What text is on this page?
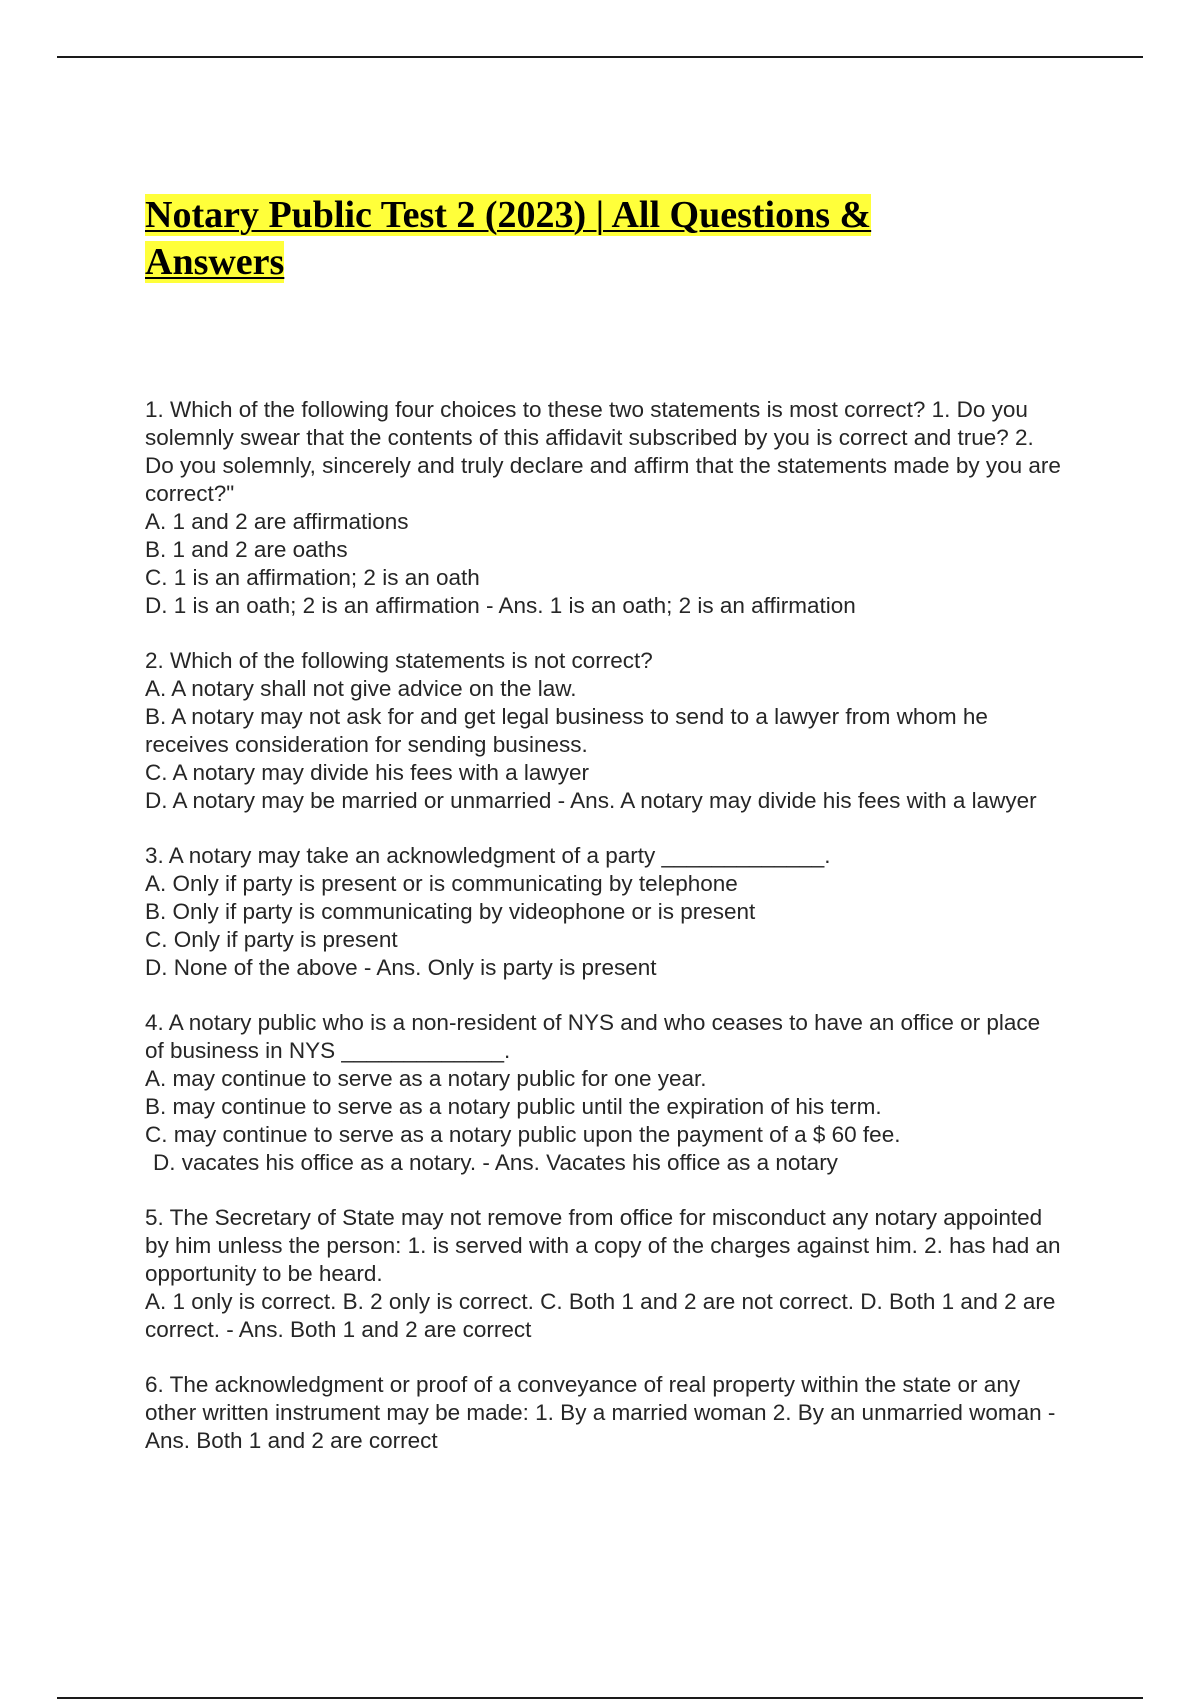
Notary Public Test 2 (2023) | All Questions &
Answers

1. Which of the following four choices to these two statements is most correct? 1. Do you solemnly swear that the contents of this affidavit subscribed by you is correct and true? 2. Do you solemnly, sincerely and truly declare and affirm that the statements made by you are correct?"

A. 1 and 2 are affirmations

B. 1 and 2 are oaths

C. 1 is an affirmation; 2 is an oath

D. 1 is an oath; 2 is an affirmation - Ans. 1 is an oath; 2 is an affirmation

2. Which of the following statements is not correct?

A. A notary shall not give advice on the law.

B. A notary may not ask for and get legal business to send to a lawyer from whom he receives consideration for sending business.

C. A notary may divide his fees with a lawyer

D. A notary may be married or unmarried - Ans. A notary may divide his fees with a lawyer

3. A notary may take an acknowledgment of a party _____________.

A. Only if party is present or is communicating by telephone

B. Only if party is communicating by videophone or is present

C. Only if party is present

D. None of the above - Ans. Only is party is present

4. A notary public who is a non-resident of NYS and who ceases to have an office or place of business in NYS _____________.

A. may continue to serve as a notary public for one year.

B. may continue to serve as a notary public until the expiration of his term.

C. may continue to serve as a notary public upon the payment of a $ 60 fee.

D. vacates his office as a notary. - Ans. Vacates his office as a notary

5. The Secretary of State may not remove from office for misconduct any notary appointed by him unless the person: 1. is served with a copy of the charges against him. 2. has had an opportunity to be heard.

A. 1 only is correct. B. 2 only is correct. C. Both 1 and 2 are not correct. D. Both 1 and 2 are correct. - Ans. Both 1 and 2 are correct

6. The acknowledgment or proof of a conveyance of real property within the state or any other written instrument may be made: 1. By a married woman 2. By an unmarried woman - Ans. Both 1 and 2 are correct
